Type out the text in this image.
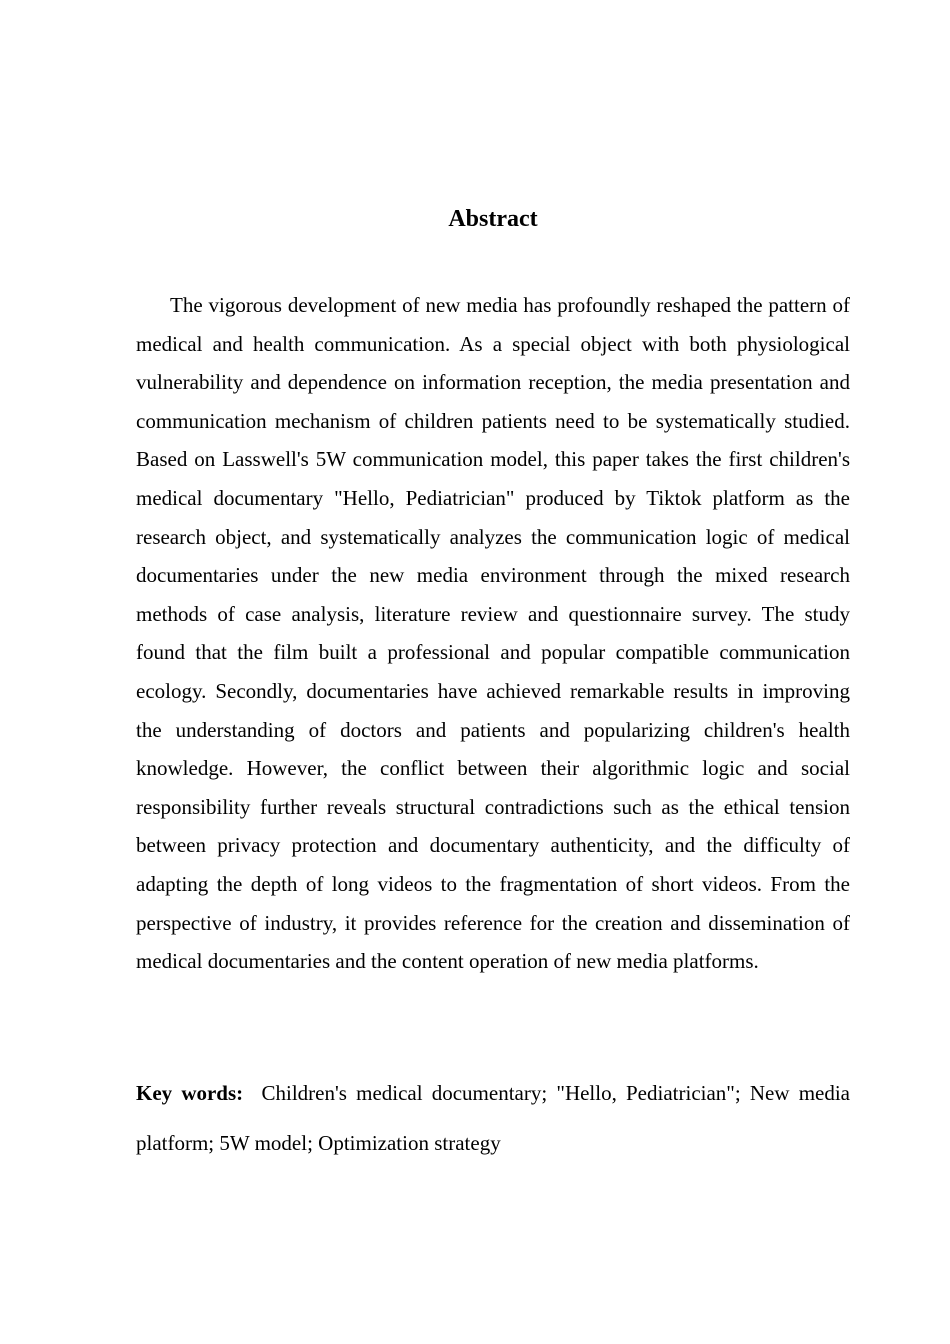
Abstract

The vigorous development of new media has profoundly reshaped the pattern of medical and health communication. As a special object with both physiological vulnerability and dependence on information reception, the media presentation and communication mechanism of children patients need to be systematically studied. Based on Lasswell's 5W communication model, this paper takes the first children's medical documentary "Hello, Pediatrician" produced by Tiktok platform as the research object, and systematically analyzes the communication logic of medical documentaries under the new media environment through the mixed research methods of case analysis, literature review and questionnaire survey. The study found that the film built a professional and popular compatible communication ecology. Secondly, documentaries have achieved remarkable results in improving the understanding of doctors and patients and popularizing children's health knowledge. However, the conflict between their algorithmic logic and social responsibility further reveals structural contradictions such as the ethical tension between privacy protection and documentary authenticity, and the difficulty of adapting the depth of long videos to the fragmentation of short videos. From the perspective of industry, it provides reference for the creation and dissemination of medical documentaries and the content operation of new media platforms.

Key words: Children's medical documentary; "Hello, Pediatrician"; New media platform; 5W model; Optimization strategy
